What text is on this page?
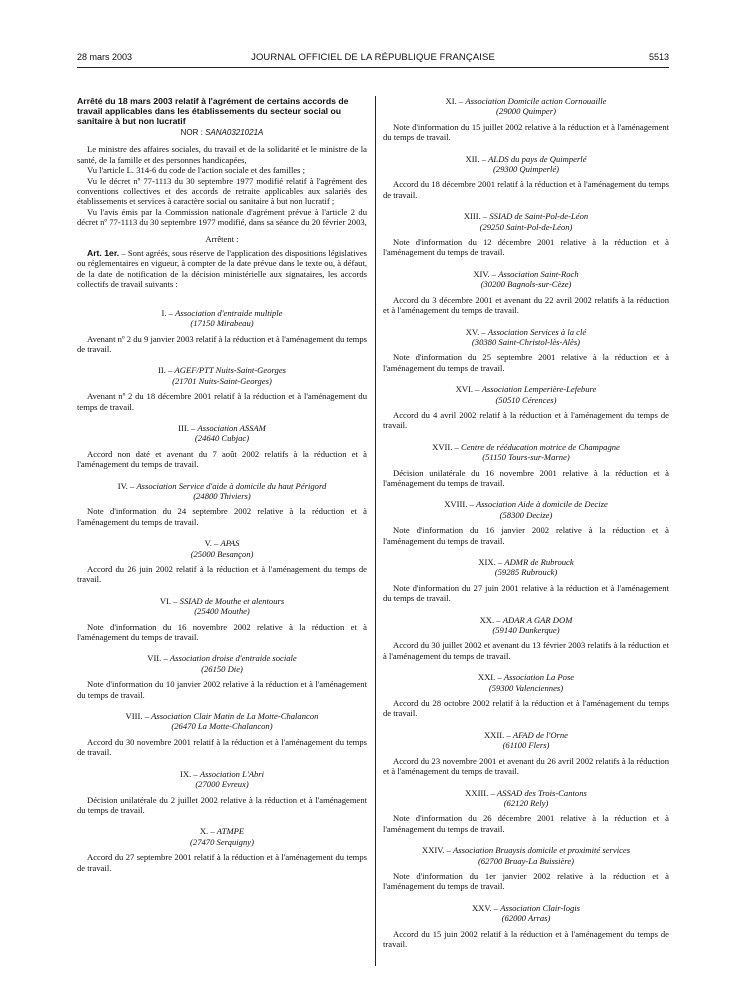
28 mars 2003	JOURNAL OFFICIEL DE LA RÉPUBLIQUE FRANÇAISE	5513
Arrêté du 18 mars 2003 relatif à l'agrément de certains accords de travail applicables dans les établissements du secteur social ou sanitaire à but non lucratif
NOR : SANA0321021A

Le ministre des affaires sociales, du travail et de la solidarité et le ministre de la santé, de la famille et des personnes handicapées,

Vu l'article L. 314-6 du code de l'action sociale et des familles ;

Vu le décret nº 77-1113 du 30 septembre 1977 modifié relatif à l'agrément des conventions collectives et des accords de retraite applicables aux salariés des établissements et services à caractère social ou sanitaire à but non lucratif ;

Vu l'avis émis par la Commission nationale d'agrément prévue à l'article 2 du décret nº 77-1113 du 30 septembre 1977 modifié, dans sa séance du 20 février 2003,

Arrêtent :

Art. 1er. – Sont agréés, sous réserve de l'application des dispositions législatives ou réglementaires en vigueur, à compter de la date prévue dans le texte ou, à défaut, de la date de notification de la décision ministérielle aux signataires, les accords collectifs de travail suivants :

I. – Association d'entraide multiple
(17150 Mirabeau)
Avenant nº 2 du 9 janvier 2003 relatif à la réduction et à l'aménagement du temps de travail.
II. – AGEF/PTT Nuits-Saint-Georges
(21701 Nuits-Saint-Georges)
Avenant nº 2 du 18 décembre 2001 relatif à la réduction et à l'aménagement du temps de travail.
III. – Association ASSAM
(24640 Cubjac)
Accord non daté et avenant du 7 août 2002 relatifs à la réduction et à l'aménagement du temps de travail.
IV. – Association Service d'aide à domicile du haut Périgord
(24800 Thiviers)
Note d'information du 24 septembre 2002 relative à la réduction et à l'aménagement du temps de travail.
V. – APAS
(25000 Besançon)
Accord du 26 juin 2002 relatif à la réduction et à l'aménagement du temps de travail.
VI. – SSIAD de Mouthe et alentours
(25400 Mouthe)
Note d'information du 16 novembre 2002 relative à la réduction et à l'aménagement du temps de travail.
VII. – Association droise d'entraide sociale
(26150 Die)
Note d'information du 10 janvier 2002 relative à la réduction et à l'aménagement du temps de travail.
VIII. – Association Clair Matin de La Motte-Chalancon
(26470 La Motte-Chalancon)
Accord du 30 novembre 2001 relatif à la réduction et à l'aménagement du temps de travail.
IX. – Association L'Abri
(27000 Evreux)
Décision unilatérale du 2 juillet 2002 relative à la réduction et à l'aménagement du temps de travail.
X. – ATMPE
(27470 Serquigny)
Accord du 27 septembre 2001 relatif à la réduction et à l'aménagement du temps de travail.
XI. – Association Domicile action Cornouaille
(29000 Quimper)
Note d'information du 15 juillet 2002 relative à la réduction et à l'aménagement du temps de travail.
XII. – ALDS du pays de Quimperlé
(29300 Quimperlé)
Accord du 18 décembre 2001 relatif à la réduction et à l'aménagement du temps de travail.
XIII. – SSIAD de Saint-Pol-de-Léon
(29250 Saint-Pol-de-Léon)
Note d'information du 12 décembre 2001 relative à la réduction et à l'aménagement du temps de travail.
XIV. – Association Saint-Roch
(30200 Bagnols-sur-Cèze)
Accord du 3 décembre 2001 et avenant du 22 avril 2002 relatifs à la réduction et à l'aménagement du temps de travail.
XV. – Association Services à la clé
(30380 Saint-Christol-lès-Alès)
Note d'information du 25 septembre 2001 relative à la réduction et à l'aménagement du temps de travail.
XVI. – Association Lemperière-Lefebure
(50510 Cérences)
Accord du 4 avril 2002 relatif à la réduction et à l'aménagement du temps de travail.
XVII. – Centre de rééducation motrice de Champagne
(51150 Tours-sur-Marne)
Décision unilatérale du 16 novembre 2001 relative à la réduction et à l'aménagement du temps de travail.
XVIII. – Association Aide à domicile de Decize
(58300 Decize)
Note d'information du 16 janvier 2002 relative à la réduction et à l'aménagement du temps de travail.
XIX. – ADMR de Rubrouck
(59285 Rubrouck)
Note d'information du 27 juin 2001 relative à la réduction et à l'aménagement du temps de travail.
XX. – ADAR A GAR DOM
(59140 Dunkerque)
Accord du 30 juillet 2002 et avenant du 13 février 2003 relatifs à la réduction et à l'aménagement du temps de travail.
XXI. – Association La Pose
(59300 Valenciennes)
Accord du 28 octobre 2002 relatif à la réduction et à l'aménagement du temps de travail.
XXII. – AFAD de l'Orne
(61100 Flers)
Accord du 23 novembre 2001 et avenant du 26 avril 2002 relatifs à la réduction et à l'aménagement du temps de travail.
XXIII. – ASSAD des Trois-Cantons
(62120 Rely)
Note d'information du 26 décembre 2001 relative à la réduction et à l'aménagement du temps de travail.
XXIV. – Association Bruaysis domicile et proximité services
(62700 Bruay-La Buissière)
Note d'information du 1er janvier 2002 relative à la réduction et à l'aménagement du temps de travail.
XXV. – Association Clair-logis
(62000 Arras)
Accord du 15 juin 2002 relatif à la réduction et à l'aménagement du temps de travail.
